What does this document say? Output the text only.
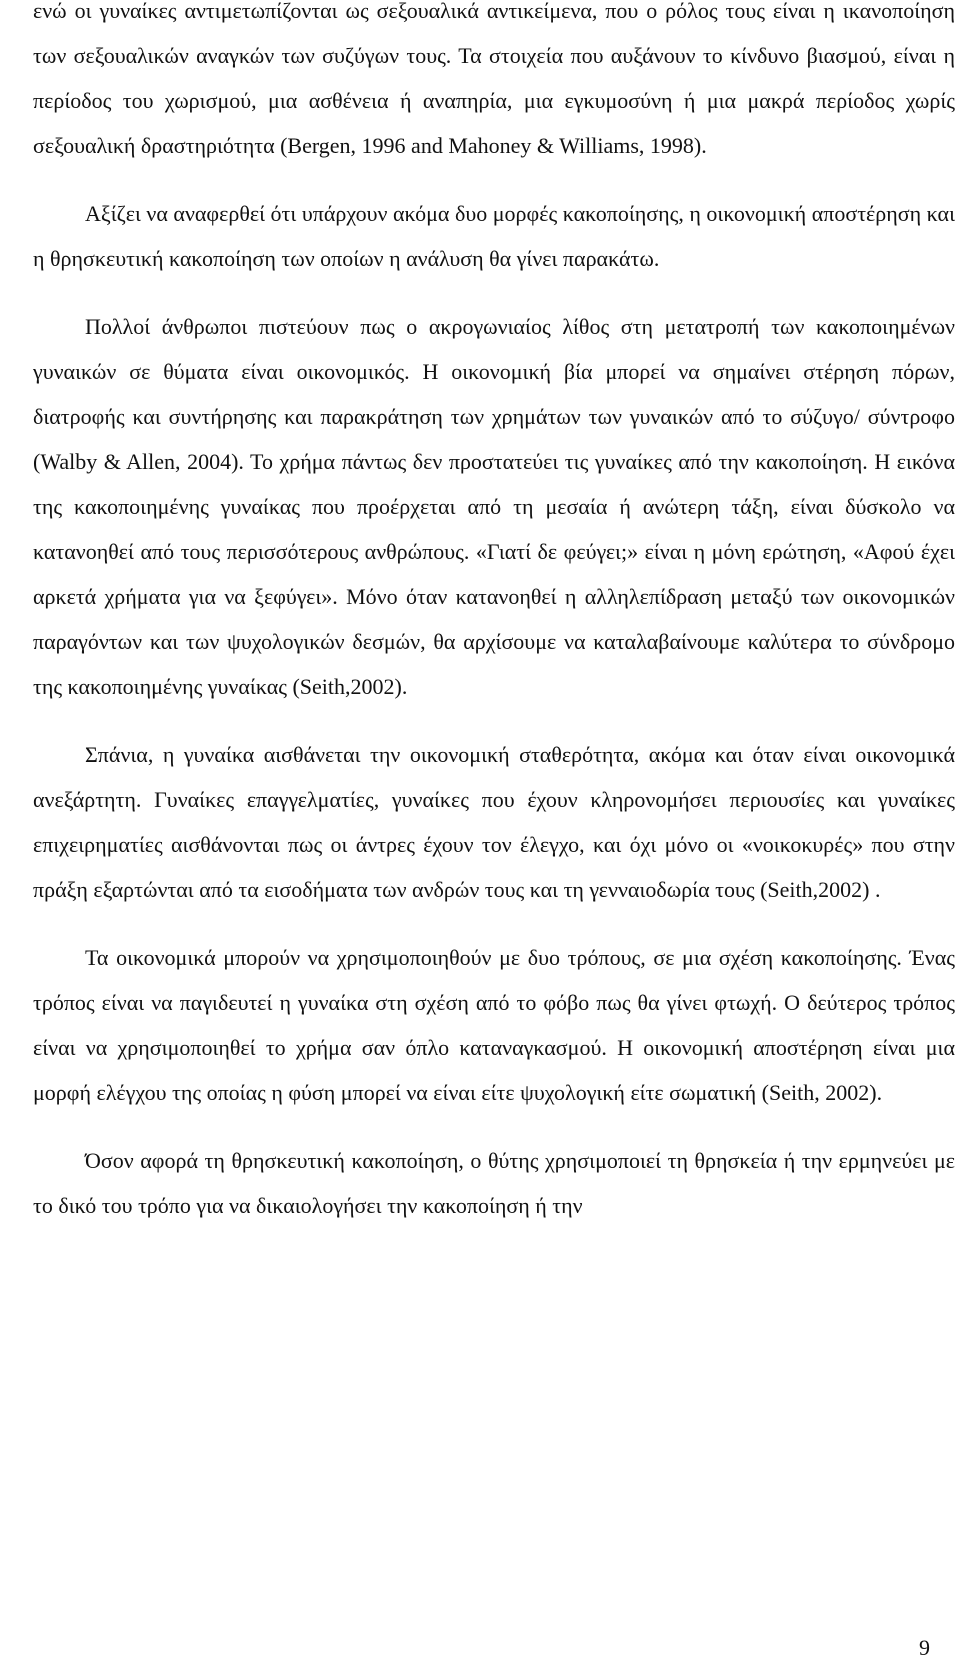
ενώ οι γυναίκες αντιμετωπίζονται ως σεξουαλικά αντικείμενα, που ο ρόλος τους είναι η ικανοποίηση των σεξουαλικών αναγκών των συζύγων τους. Τα στοιχεία που αυξάνουν το κίνδυνο βιασμού, είναι η περίοδος του χωρισμού, μια ασθένεια ή αναπηρία, μια εγκυμοσύνη ή μια μακρά περίοδος χωρίς σεξουαλική δραστηριότητα (Bergen, 1996 and Mahoney & Williams, 1998).

Αξίζει να αναφερθεί ότι υπάρχουν ακόμα δυο μορφές κακοποίησης, η οικονομική αποστέρηση και η θρησκευτική κακοποίηση των οποίων η ανάλυση θα γίνει παρακάτω.

Πολλοί άνθρωποι πιστεύουν πως ο ακρογωνιαίος λίθος στη μετατροπή των κακοποιημένων γυναικών σε θύματα είναι οικονομικός. Η οικονομική βία μπορεί να σημαίνει στέρηση πόρων, διατροφής και συντήρησης και παρακράτηση των χρημάτων των γυναικών από το σύζυγο/ σύντροφο (Walby & Allen, 2004). Το χρήμα πάντως δεν προστατεύει τις γυναίκες από την κακοποίηση. Η εικόνα της κακοποιημένης γυναίκας που προέρχεται από τη μεσαία ή ανώτερη τάξη, είναι δύσκολο να κατανοηθεί από τους περισσότερους ανθρώπους. «Γιατί δε φεύγει;» είναι η μόνη ερώτηση, «Αφού έχει αρκετά χρήματα για να ξεφύγει». Μόνο όταν κατανοηθεί η αλληλεπίδραση μεταξύ των οικονομικών παραγόντων και των ψυχολογικών δεσμών, θα αρχίσουμε να καταλαβαίνουμε καλύτερα το σύνδρομο της κακοποιημένης γυναίκας (Seith,2002).

Σπάνια, η γυναίκα αισθάνεται την οικονομική σταθερότητα, ακόμα και όταν είναι οικονομικά ανεξάρτητη. Γυναίκες επαγγελματίες, γυναίκες που έχουν κληρονομήσει περιουσίες και γυναίκες επιχειρηματίες αισθάνονται πως οι άντρες έχουν τον έλεγχο, και όχι μόνο οι «νοικοκυρές» που στην πράξη εξαρτώνται από τα εισοδήματα των ανδρών τους και τη γενναιοδωρία τους (Seith,2002) .

Τα οικονομικά μπορούν να χρησιμοποιηθούν με δυο τρόπους, σε μια σχέση κακοποίησης. Ένας τρόπος είναι να παγιδευτεί η γυναίκα στη σχέση από το φόβο πως θα γίνει φτωχή. Ο δεύτερος τρόπος είναι να χρησιμοποιηθεί το χρήμα σαν όπλο καταναγκασμού. Η οικονομική αποστέρηση είναι μια μορφή ελέγχου της οποίας η φύση μπορεί να είναι είτε ψυχολογική είτε σωματική (Seith, 2002).

Όσον αφορά τη θρησκευτική κακοποίηση, ο θύτης χρησιμοποιεί τη θρησκεία ή την ερμηνεύει με το δικό του τρόπο για να δικαιολογήσει την κακοποίηση ή την

9
